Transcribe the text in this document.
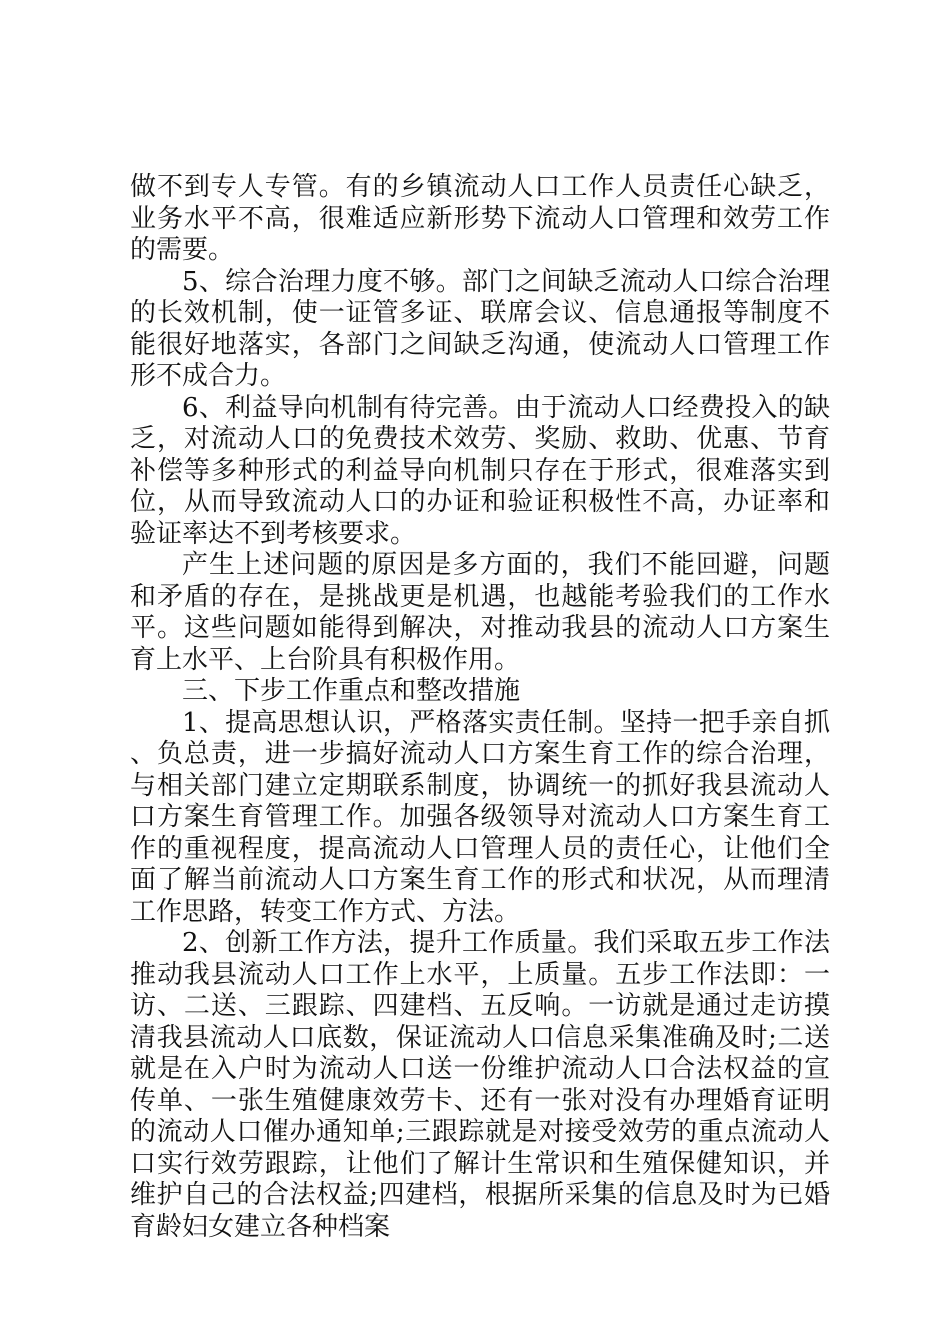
做不到专人专管。有的乡镇流动人口工作人员责任心缺乏，业务水平不高，很难适应新形势下流动人口管理和效劳工作的需要。

5、综合治理力度不够。部门之间缺乏流动人口综合治理的长效机制，使一证管多证、联席会议、信息通报等制度不能很好地落实，各部门之间缺乏沟通，使流动人口管理工作形不成合力。

6、利益导向机制有待完善。由于流动人口经费投入的缺乏，对流动人口的免费技术效劳、奖励、救助、优惠、节育补偿等多种形式的利益导向机制只存在于形式，很难落实到位，从而导致流动人口的办证和验证积极性不高，办证率和验证率达不到考核要求。

产生上述问题的原因是多方面的，我们不能回避，问题和矛盾的存在，是挑战更是机遇，也越能考验我们的工作水平。这些问题如能得到解决，对推动我县的流动人口方案生育上水平、上台阶具有积极作用。

三、下步工作重点和整改措施

1、提高思想认识，严格落实责任制。坚持一把手亲自抓、负总责，进一步搞好流动人口方案生育工作的综合治理，与相关部门建立定期联系制度，协调统一的抓好我县流动人口方案生育管理工作。加强各级领导对流动人口方案生育工作的重视程度，提高流动人口管理人员的责任心，让他们全面了解当前流动人口方案生育工作的形式和状况，从而理清工作思路，转变工作方式、方法。

2、创新工作方法，提升工作质量。我们采取五步工作法推动我县流动人口工作上水平，上质量。五步工作法即：一访、二送、三跟踪、四建档、五反响。一访就是通过走访摸清我县流动人口底数，保证流动人口信息采集准确及时;二送就是在入户时为流动人口送一份维护流动人口合法权益的宣传单、一张生殖健康效劳卡、还有一张对没有办理婚育证明的流动人口催办通知单;三跟踪就是对接受效劳的重点流动人口实行效劳跟踪，让他们了解计生常识和生殖保健知识，并维护自己的合法权益;四建档，根据所采集的信息及时为已婚育龄妇女建立各种档案
